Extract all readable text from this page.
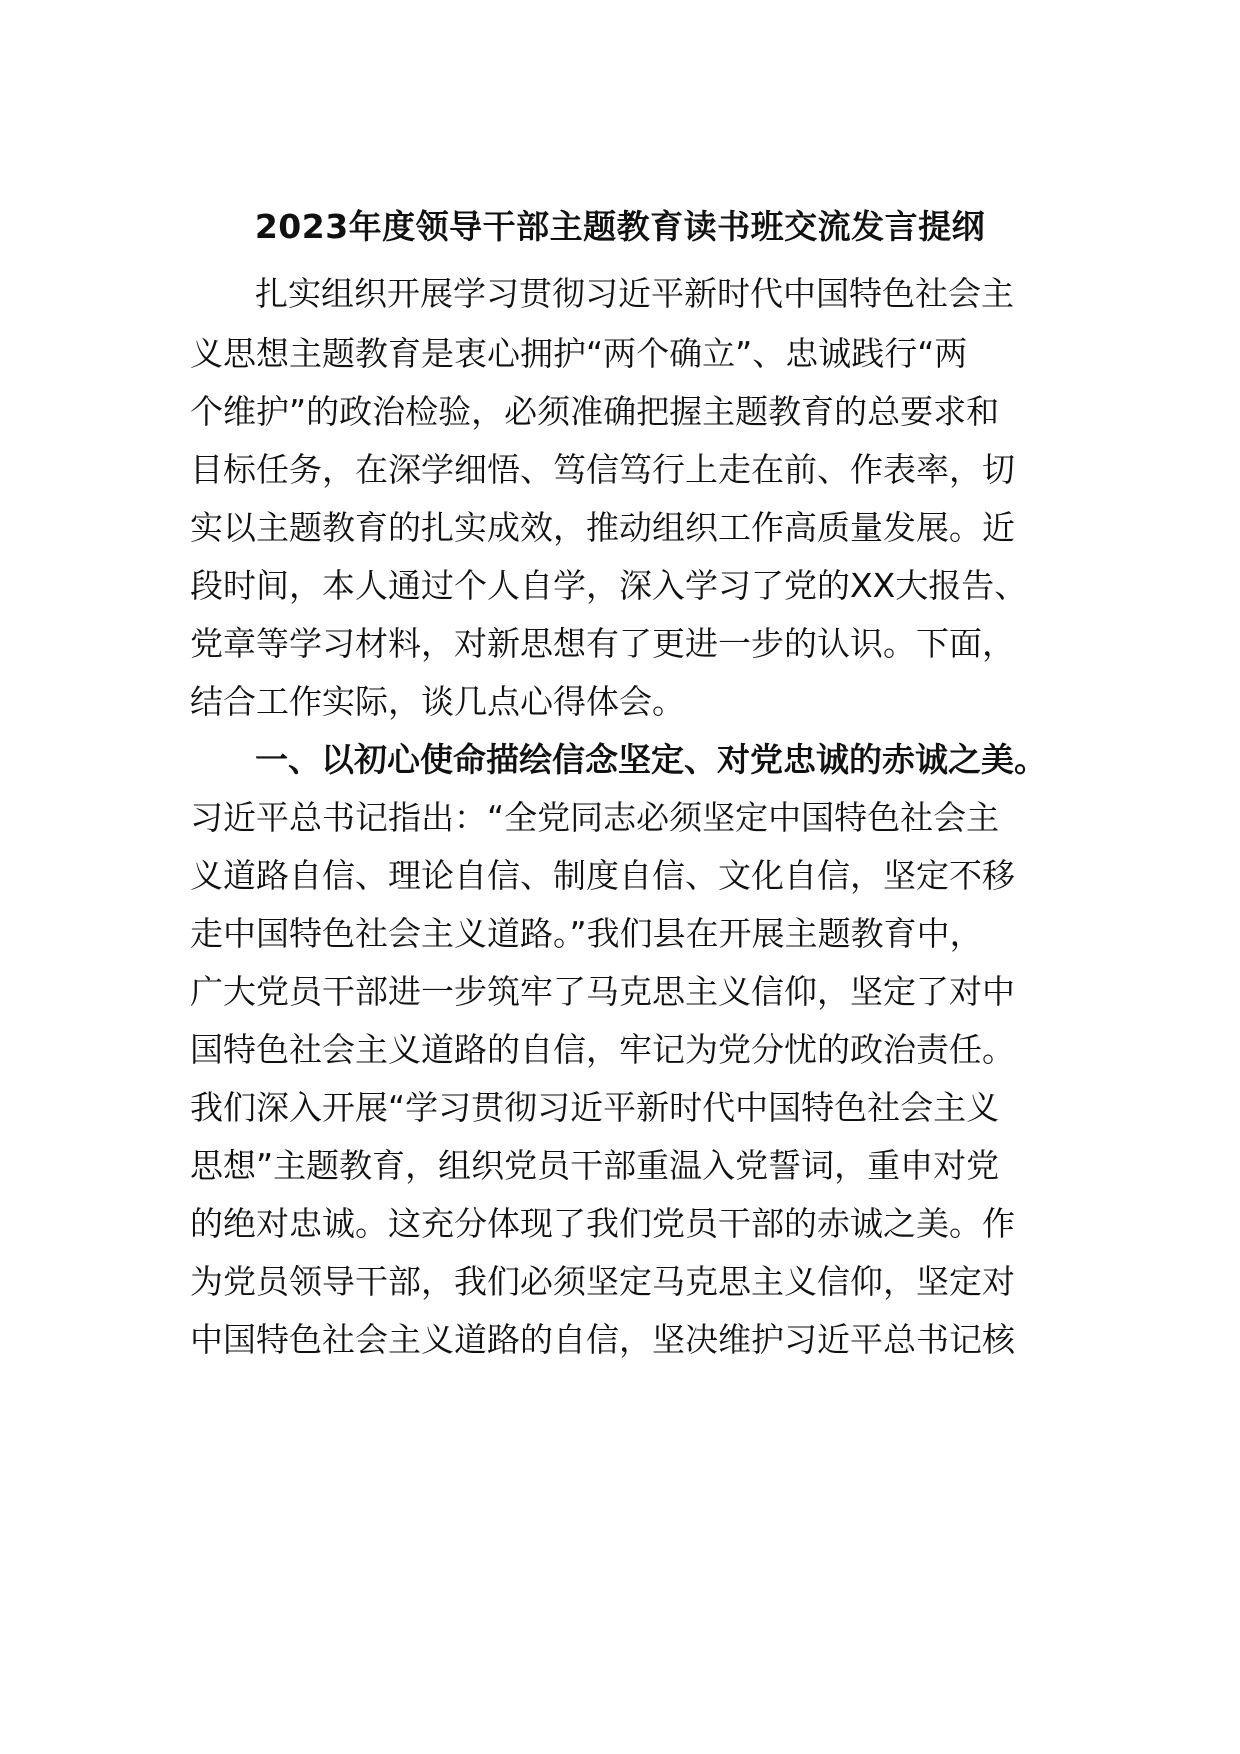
2023年度领导干部主题教育读书班交流发言提纲

扎实组织开展学习贯彻习近平新时代中国特色社会主

义思想主题教育是衷心拥护“两个确立”、忠诚践行“两

个维护”的政治检验，必须准确把握主题教育的总要求和

目标任务，在深学细悟、笃信笃行上走在前、作表率，切

实以主题教育的扎实成效，推动组织工作高质量发展。近

段时间，本人通过个人自学，深入学习了党的XX大报告、

党章等学习材料，对新思想有了更进一步的认识。下面，

结合工作实际，谈几点心得体会。

一、以初心使命描绘信念坚定、对党忠诚的赤诚之美。

习近平总书记指出：“全党同志必须坚定中国特色社会主

义道路自信、理论自信、制度自信、文化自信，坚定不移

走中国特色社会主义道路。”我们县在开展主题教育中，

广大党员干部进一步筑牢了马克思主义信仰，坚定了对中

国特色社会主义道路的自信，牢记为党分忧的政治责任。

我们深入开展“学习贯彻习近平新时代中国特色社会主义

思想”主题教育，组织党员干部重温入党誓词，重申对党

的绝对忠诚。这充分体现了我们党员干部的赤诚之美。作

为党员领导干部，我们必须坚定马克思主义信仰，坚定对

中国特色社会主义道路的自信，坚决维护习近平总书记核
